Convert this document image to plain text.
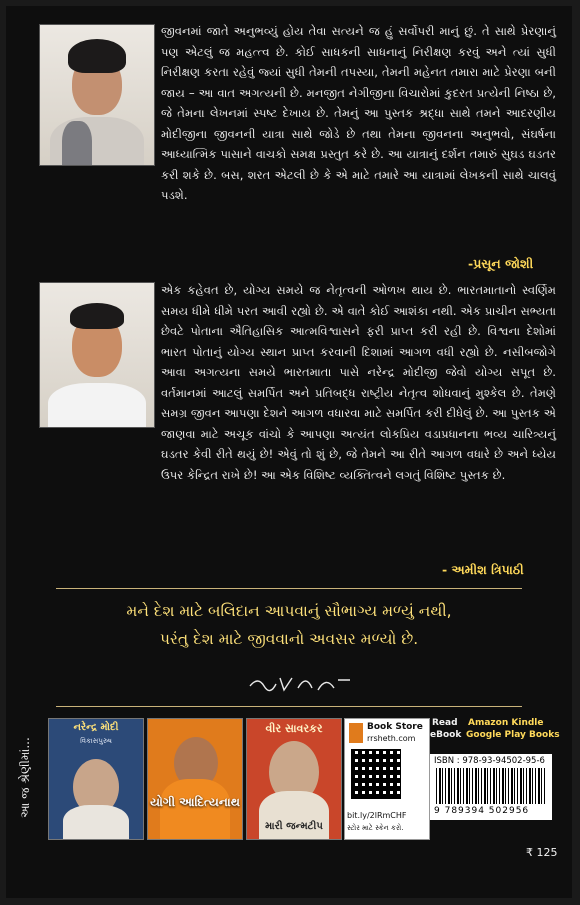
જીવનમાં જાતે અનુભવ્યું હોય તેવા સત્યને જ હું સર્વોપરી માનું છું. તે સાથે પ્રેરણાનું પણ એટલું જ મહત્ત્વ છે. કોઈ સાધકની સાધનાનું નિરીક્ષણ કરવું અને ત્યાં સુધી નિરીક્ષણ કરતા રહેવું જ્યાં સુધી તેમની તપસ્યા, તેમની મહેનત તમારા માટે પ્રેરણા બની જાય – આ વાત અગત્યની છે. મનજીત નેગીજીના વિચારોમાં કુદરત પ્રત્યેની નિષ્ઠા છે, જે તેમના લેખનમાં સ્પષ્ટ દેખાય છે. તેમનું આ પુસ્તક શ્રદ્ધા સાથે તમને આદરણીય મોદીજીના જીવનની યાત્રા સાથે જોડે છે તથા તેમના જીવનના અનુભવો, સંઘર્ષના આધ્યાત્મિક પાસાને વાચકો સમક્ષ પ્રસ્તુત કરે છે. આ યાત્રાનું દર્શન તમારું સુઘડ ઘડતર કરી શકે છે. બસ, શરત એટલી છે કે એ માટે તમારે આ યાત્રામાં લેખકની સાથે ચાલવું પડશે.

-પ્રસૂન જોશી

એક કહેવત છે, યોગ્ય સમયે જ નેતૃત્વની ઓળખ થાય છે. ભારતમાતાનો સ્વર્ણિમ સમય ધીમે ધીમે પરત આવી રહ્યો છે. એ વાતે કોઈ આશંકા નથી. એક પ્રાચીન સભ્યતા છેવટે પોતાના ઐતિહાસિક આત્મવિશ્વાસને ફરી પ્રાપ્ત કરી રહી છે. વિશ્વના દેશોમાં ભારત પોતાનું યોગ્ય સ્થાન પ્રાપ્ત કરવાની દિશામાં આગળ વધી રહ્યો છે. નસીબજોગે આવા અગત્યના સમયે ભારતમાતા પાસે નરેન્દ્ર મોદીજી જેવો યોગ્ય સપૂત છે. વર્તમાનમાં આટલું સમર્પિત અને પ્રતિબદ્ધ રાષ્ટ્રીય નેતૃત્વ શોધવાનું મુશ્કેલ છે. તેમણે સમગ્ર જીવન આપણા દેશને આગળ વધારવા માટે સમર્પિત કરી દીધેલું છે. આ પુસ્તક એ જાણવા માટે અચૂક વાંચો કે આપણા અત્યંત લોકપ્રિય વડાપ્રધાનના ભવ્ય ચારિત્ર્યનું ઘડતર કેવી રીતે થયું છે! એવું તો શું છે, જે તેમને આ રીતે આગળ વધારે છે અને ધ્યેય ઉપર કેન્દ્રિત રાખે છે! આ એક વિશિષ્ટ વ્યક્તિત્વને લગતું વિશિષ્ટ પુસ્તક છે.

- અમીશ ત્રિપાઠી
મને દેશ માટે બલિદાન આપવાનું સૌભાગ્ય મળ્યું નથી,
પરંતુ દેશ માટે જીવવાનો અવસર મળ્યો છે.
આ જ શ્રેણીમાં...
નરેન્દ્ર મોદી
વિકાસપુરુષ
યોગી આદિત્યનાથ
વીર સાવરકર
મારી જન્મટીપ
Book Store
rrsheth.com
bit.ly/2lRmCHF
સ્ટોર માટે સ્કેન કરો.
Read
eBook
Amazon Kindle
Google Play Books
ISBN : 978-93-94502-95-6
9 789394 502956
₹ 125
